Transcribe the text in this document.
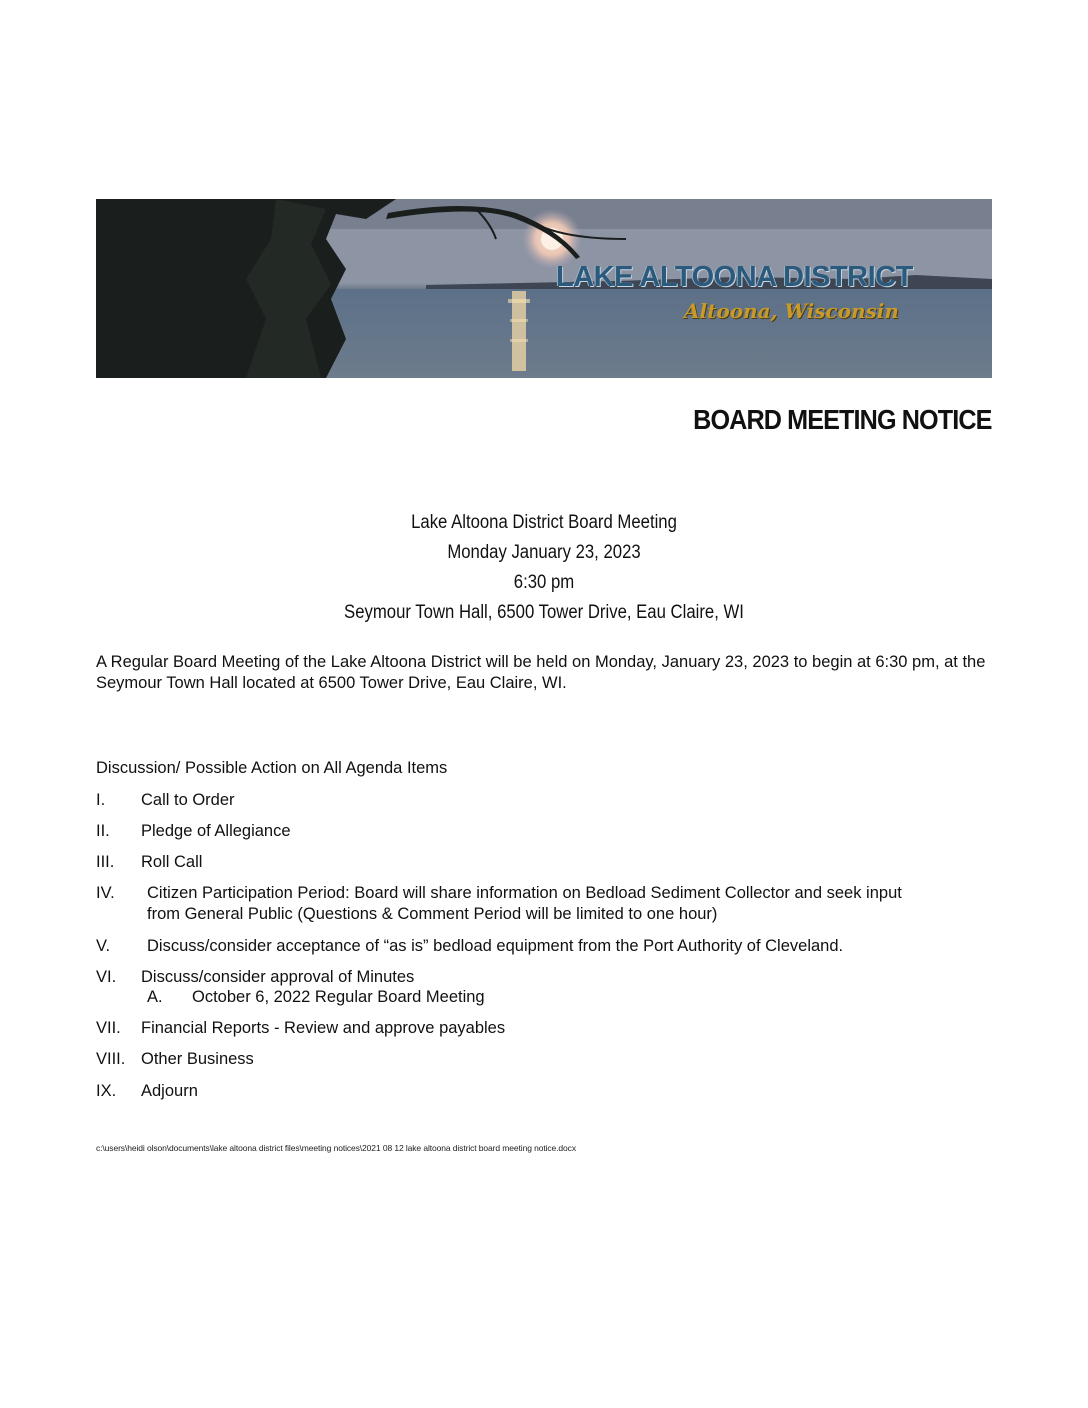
LAKE ALTOONA DISTRICT
Altoona, Wisconsin
BOARD MEETING NOTICE
Lake Altoona District Board Meeting
Monday January 23, 2023
6:30 pm
Seymour Town Hall, 6500 Tower Drive, Eau Claire, WI
A Regular Board Meeting of the Lake Altoona District will be held on Monday, January 23, 2023 to begin at 6:30 pm, at the Seymour Town Hall located at 6500 Tower Drive, Eau Claire, WI.
Discussion/ Possible Action on All Agenda Items
I. Call to Order
II. Pledge of Allegiance
III. Roll Call
IV. Citizen Participation Period: Board will share information on Bedload Sediment Collector and seek input
from General Public (Questions & Comment Period will be limited to one hour)
V. Discuss/consider acceptance of “as is” bedload equipment from the Port Authority of Cleveland.
VI. Discuss/consider approval of Minutes
A. October 6, 2022 Regular Board Meeting
VII. Financial Reports - Review and approve payables
VIII. Other Business
IX. Adjourn
c:\users\heidi olson\documents\lake altoona district files\meeting notices\2021 08 12 lake altoona district board meeting notice.docx
